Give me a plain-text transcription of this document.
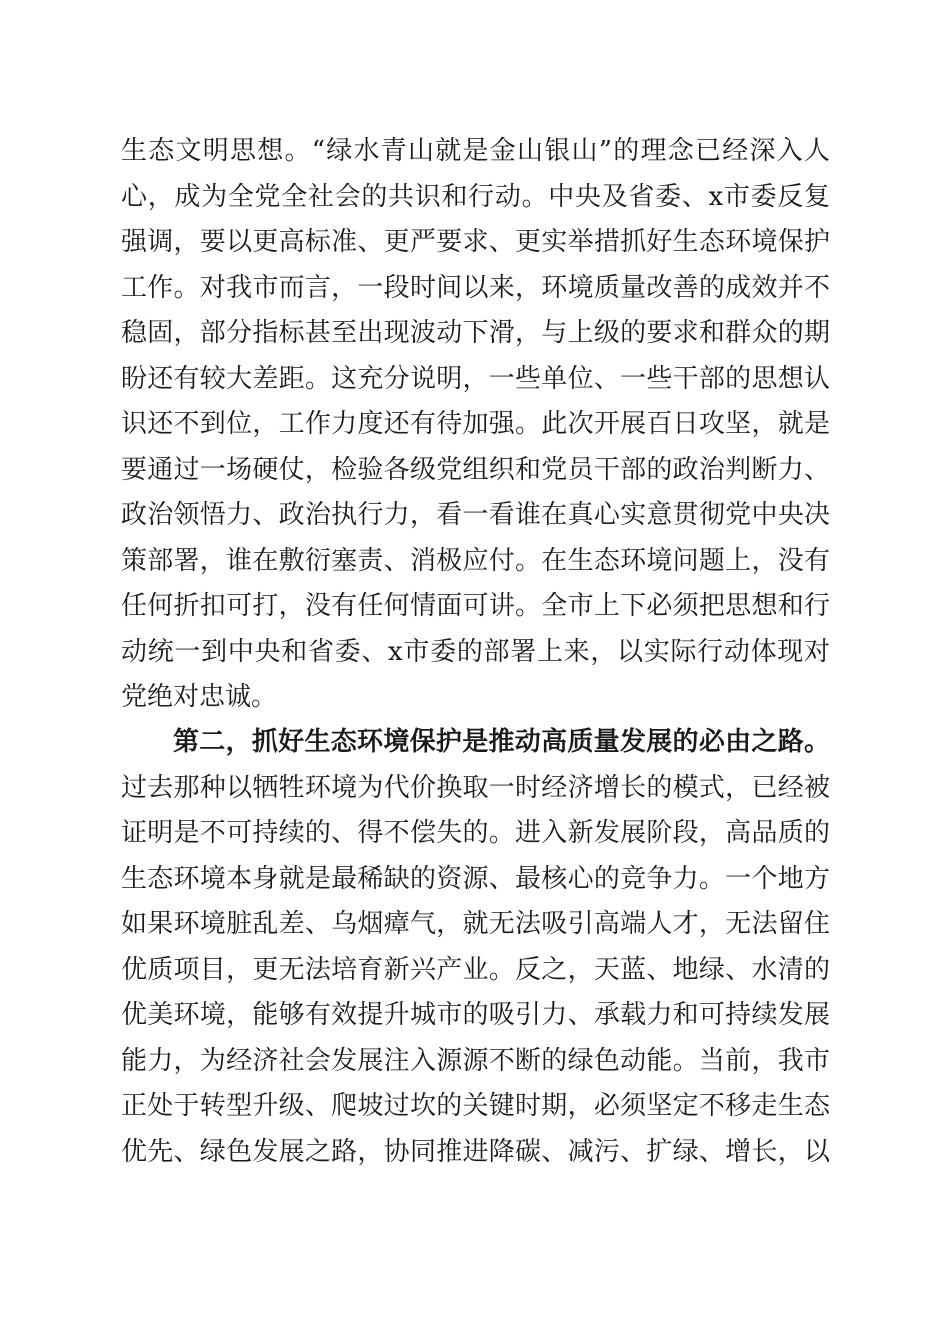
生态文明思想。“绿水青山就是金山银山”的理念已经深入人
心，成为全党全社会的共识和行动。中央及省委、x市委反复
强调，要以更高标准、更严要求、更实举措抓好生态环境保护
工作。对我市而言，一段时间以来，环境质量改善的成效并不
稳固，部分指标甚至出现波动下滑，与上级的要求和群众的期
盼还有较大差距。这充分说明，一些单位、一些干部的思想认
识还不到位，工作力度还有待加强。此次开展百日攻坚，就是
要通过一场硬仗，检验各级党组织和党员干部的政治判断力、
政治领悟力、政治执行力，看一看谁在真心实意贯彻党中央决
策部署，谁在敷衍塞责、消极应付。在生态环境问题上，没有
任何折扣可打，没有任何情面可讲。全市上下必须把思想和行
动统一到中央和省委、x市委的部署上来，以实际行动体现对
党绝对忠诚。
第二，抓好生态环境保护是推动高质量发展的必由之路。
过去那种以牺牲环境为代价换取一时经济增长的模式，已经被
证明是不可持续的、得不偿失的。进入新发展阶段，高品质的
生态环境本身就是最稀缺的资源、最核心的竞争力。一个地方
如果环境脏乱差、乌烟瘴气，就无法吸引高端人才，无法留住
优质项目，更无法培育新兴产业。反之，天蓝、地绿、水清的
优美环境，能够有效提升城市的吸引力、承载力和可持续发展
能力，为经济社会发展注入源源不断的绿色动能。当前，我市
正处于转型升级、爬坡过坎的关键时期，必须坚定不移走生态
优先、绿色发展之路，协同推进降碳、减污、扩绿、增长，以
